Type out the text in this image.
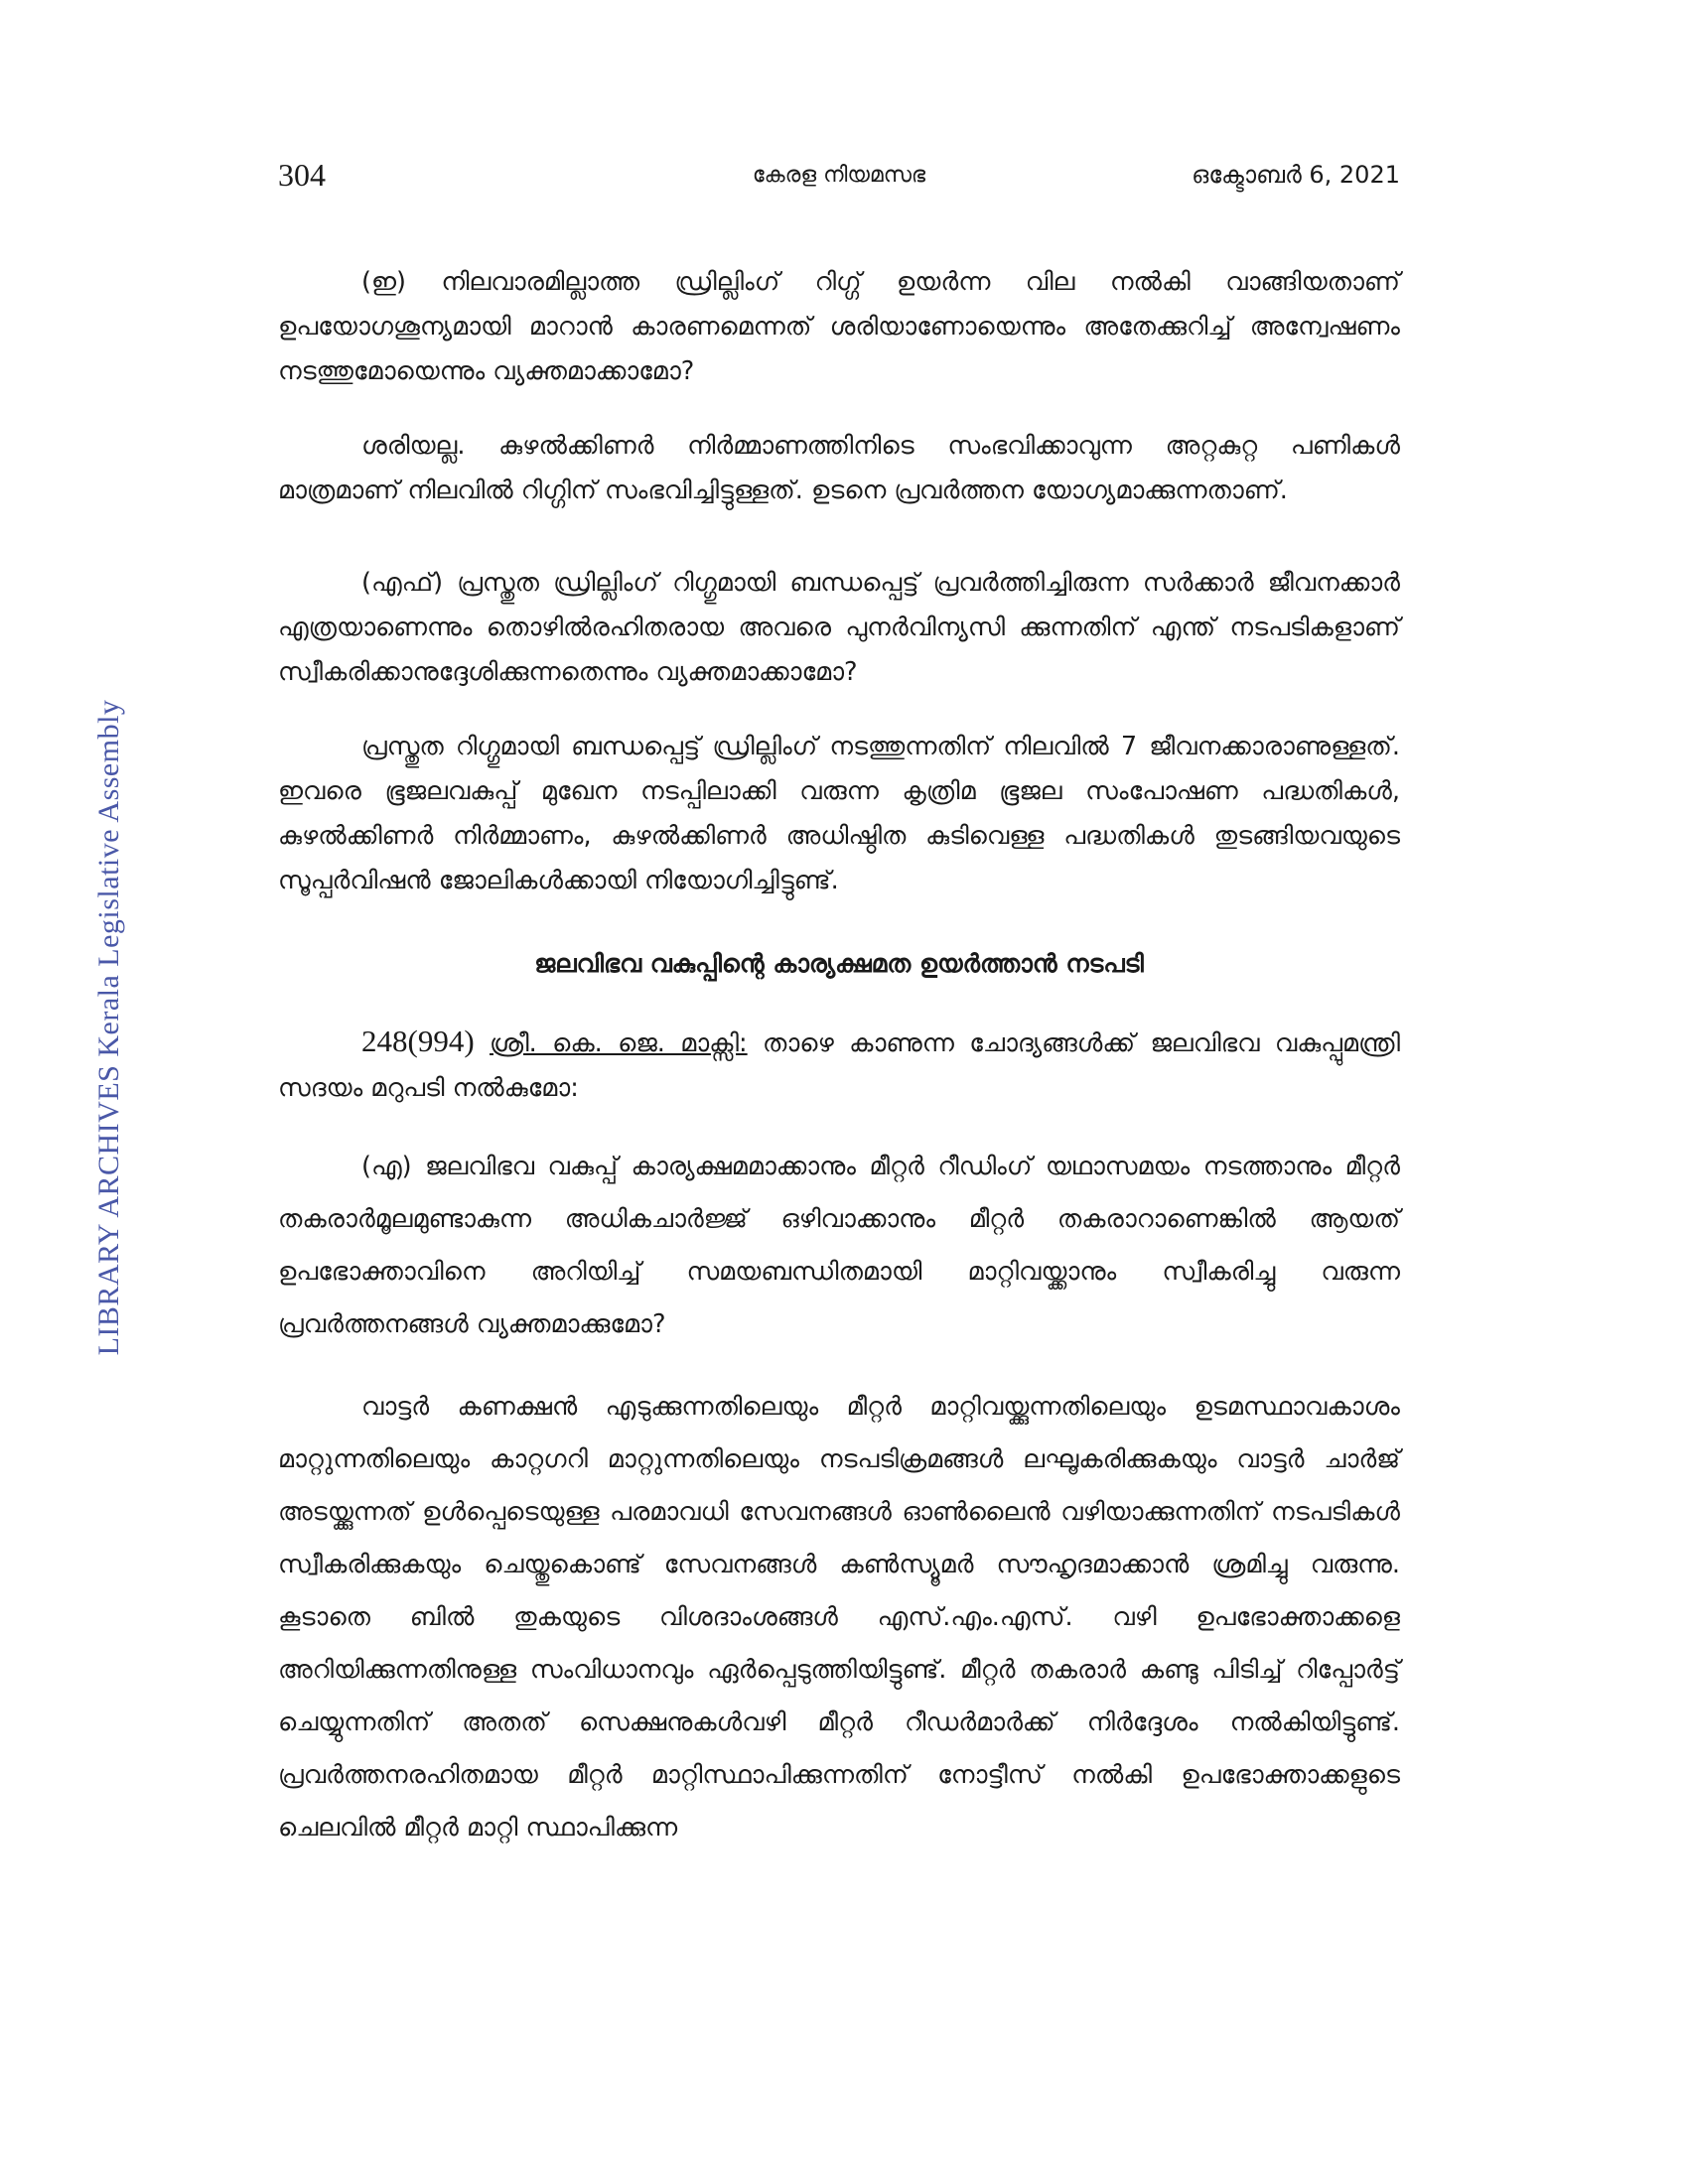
LIBRARY ARCHIVES Kerala Legislative Assembly
304	കേരള നിയമസഭ	ഒക്ടോബർ 6, 2021

(ഇ) നിലവാരമില്ലാത്ത ഡ്രില്ലിംഗ് റിഗ്ഗ് ഉയർന്ന വില നൽകി വാങ്ങിയതാണ് ഉപയോഗശൂന്യമായി മാറാൻ കാരണമെന്നത് ശരിയാണോയെന്നും അതേക്കുറിച്ച് അന്വേഷണം നടത്തുമോയെന്നും വ്യക്തമാക്കാമോ?

ശരിയല്ല. കുഴൽക്കിണർ നിർമ്മാണത്തിനിടെ സംഭവിക്കാവുന്ന അറ്റകുറ്റ പണികൾ മാത്രമാണ് നിലവിൽ റിഗ്ഗിന് സംഭവിച്ചിട്ടുള്ളത്. ഉടനെ പ്രവർത്തന യോഗ്യമാക്കുന്നതാണ്.

(എഫ്) പ്രസ്തുത ഡ്രില്ലിംഗ് റിഗ്ഗുമായി ബന്ധപ്പെട്ട് പ്രവർത്തിച്ചിരുന്ന സർക്കാർ ജീവനക്കാർ എത്രയാണെന്നും തൊഴിൽരഹിതരായ അവരെ പുനർവിന്യസി ക്കുന്നതിന് എന്ത് നടപടികളാണ് സ്വീകരിക്കാനുദ്ദേശിക്കുന്നതെന്നും വ്യക്തമാക്കാമോ?

പ്രസ്തുത റിഗ്ഗുമായി ബന്ധപ്പെട്ട് ഡ്രില്ലിംഗ് നടത്തുന്നതിന് നിലവിൽ 7 ജീവനക്കാരാണുള്ളത്. ഇവരെ ഭൂജലവകുപ്പ് മുഖേന നടപ്പിലാക്കി വരുന്ന കൃത്രിമ ഭൂജല സംപോഷണ പദ്ധതികൾ, കുഴൽക്കിണർ നിർമ്മാണം, കുഴൽക്കിണർ അധിഷ്ഠിത കുടിവെള്ള പദ്ധതികൾ തുടങ്ങിയവയുടെ സൂപ്പർവിഷൻ ജോലികൾക്കായി നിയോഗിച്ചിട്ടുണ്ട്.

ജലവിഭവ വകുപ്പിന്റെ കാര്യക്ഷമത ഉയർത്താൻ നടപടി

248(994) ശ്രീ. കെ. ജെ. മാക്സി: താഴെ കാണുന്ന ചോദ്യങ്ങൾക്ക് ജലവിഭവ വകുപ്പുമന്ത്രി സദയം മറുപടി നൽകുമോ:

(എ) ജലവിഭവ വകുപ്പ് കാര്യക്ഷമമാക്കാനും മീറ്റർ റീഡിംഗ് യഥാസമയം നടത്താനും മീറ്റർ തകരാർമൂലമുണ്ടാകുന്ന അധികചാർജ്ജ് ഒഴിവാക്കാനും മീറ്റർ തകരാറാണെങ്കിൽ ആയത് ഉപഭോക്താവിനെ അറിയിച്ച് സമയബന്ധിതമായി മാറ്റിവയ്ക്കാനും സ്വീകരിച്ചു വരുന്ന പ്രവർത്തനങ്ങൾ വ്യക്തമാക്കുമോ?

വാട്ടർ കണക്ഷൻ എടുക്കുന്നതിലെയും മീറ്റർ മാറ്റിവയ്ക്കുന്നതിലെയും ഉടമസ്ഥാവകാശം മാറ്റുന്നതിലെയും കാറ്റഗറി മാറ്റുന്നതിലെയും നടപടിക്രമങ്ങൾ ലഘൂകരിക്കുകയും വാട്ടർ ചാർജ് അടയ്ക്കുന്നത് ഉൾപ്പെടെയുള്ള പരമാവധി സേവനങ്ങൾ ഓൺലൈൻ വഴിയാക്കുന്നതിന് നടപടികൾ സ്വീകരിക്കുകയും ചെയ്തുകൊണ്ട് സേവനങ്ങൾ കൺസ്യൂമർ സൗഹൃദമാക്കാൻ ശ്രമിച്ചു വരുന്നു. കൂടാതെ ബിൽ തുകയുടെ വിശദാംശങ്ങൾ എസ്.എം.എസ്. വഴി ഉപഭോക്താക്കളെ അറിയിക്കുന്നതിനുള്ള സംവിധാനവും ഏർപ്പെടുത്തിയിട്ടുണ്ട്. മീറ്റർ തകരാർ കണ്ടു പിടിച്ച് റിപ്പോർട്ട് ചെയ്യുന്നതിന് അതത് സെക്ഷനുകൾവഴി മീറ്റർ റീഡർമാർക്ക് നിർദ്ദേശം നൽകിയിട്ടുണ്ട്. പ്രവർത്തനരഹിതമായ മീറ്റർ മാറ്റിസ്ഥാപിക്കുന്നതിന് നോട്ടീസ് നൽകി ഉപഭോക്താക്കളുടെ ചെലവിൽ മീറ്റർ മാറ്റി സ്ഥാപിക്കുന്ന
